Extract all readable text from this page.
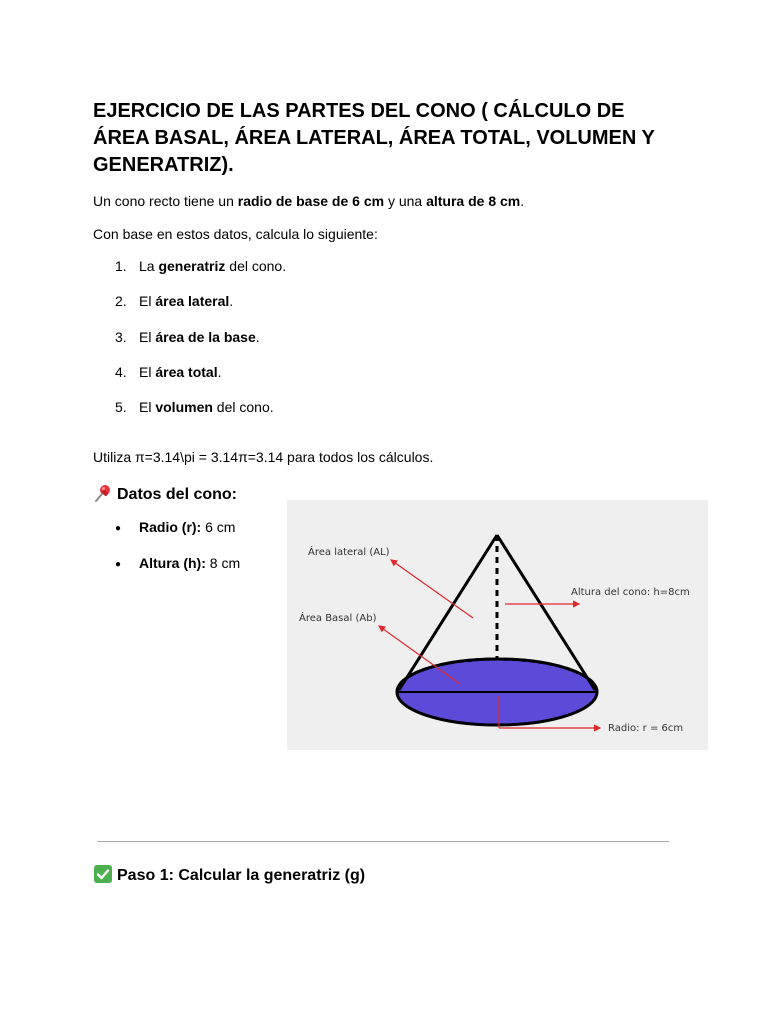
EJERCICIO DE LAS PARTES DEL CONO ( CÁLCULO DE ÁREA BASAL, ÁREA LATERAL, ÁREA TOTAL, VOLUMEN Y GENERATRIZ).

Un cono recto tiene un radio de base de 6 cm y una altura de 8 cm.

Con base en estos datos, calcula lo siguiente:

1. La generatriz del cono.
2. El área lateral.
3. El área de la base.
4. El área total.
5. El volumen del cono.

Utiliza π=3.14\pi = 3.14π=3.14 para todos los cálculos.

Datos del cono:
● Radio (r): 6 cm
● Altura (h): 8 cm
Área lateral (AL)
Altura del cono: h=8cm
Área Basal (Ab)
Radio: r = 6cm
Paso 1: Calcular la generatriz (g)
